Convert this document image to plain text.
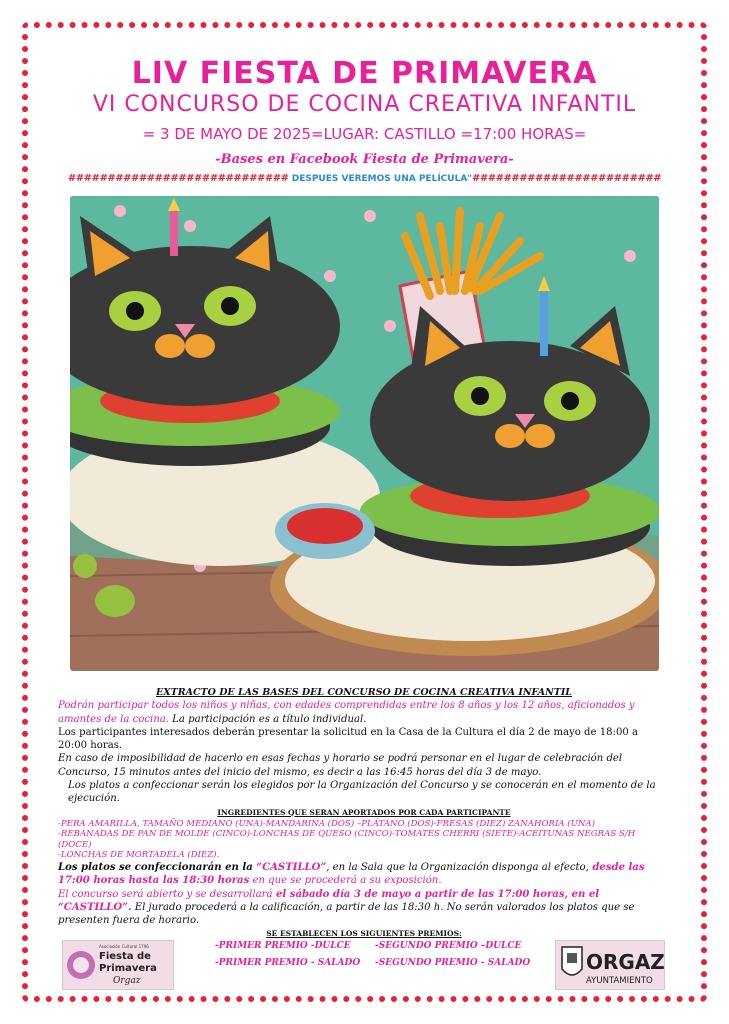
LIV FIESTA DE PRIMAVERA
VI CONCURSO DE COCINA CREATIVA INFANTIL
= 3 DE MAYO DE 2025=LUGAR: CASTILLO =17:00 HORAS=
-Bases en Facebook Fiesta de Primavera-
############################ DESPUES VEREMOS UNA PELÍCULA"########################

EXTRACTO DE LAS BASES DEL CONCURSO DE COCINA CREATIVA INFANTIL

Podrán participar todos los niños y niñas, con edades comprendidas entre los 8 años y los 12 años, aficionados y amantes de la cocina. La participación es a título individual.

Los participantes interesados deberán presentar la solicitud en la Casa de la Cultura el día 2 de mayo de 18:00 a 20:00 horas.

En caso de imposibilidad de hacerlo en esas fechas y horario se podrá personar en el lugar de celebración del Concurso, 15 minutos antes del inicio del mismo, es decir a las 16:45 horas del día 3 de mayo.

Los platos a confeccionar serán los elegidos por la Organización del Concurso y se conocerán en el momento de la ejecución.

INGREDIENTES QUE SERAN APORTADOS POR CADA PARTICIPANTE

-PERA AMARILLA, TAMAÑO MEDIANO (UNA)-MANDARINA (DOS) –PLÁTANO (DOS)-FRESAS (DIEZ) ZANAHORIA (UNA)

-REBANADAS DE PAN DE MOLDE (CINCO)-LONCHAS DE QUESO (CINCO)-TOMATES CHERRI (SIETE)-ACEITUNAS NEGRAS S/H (DOCE)

-LONCHAS DE MORTADELA (DIEZ).

Los platos se confeccionarán en la “CASTILLO”, en la Sala que la Organización disponga al efecto, desde las 17:00 horas hasta las 18:30 horas en que se procederá a su exposición.

El concurso será abierto y se desarrollará el sábado día 3 de mayo a partir de las 17:00 horas, en el “CASTILLO”. El jurado procederá a la calificación, a partir de las 18:30 h. No serán valorados los platos que se presenten fuera de horario.

SE ESTABLECEN LOS SIGUIENTES PREMIOS:

Asociación Cultural 1796
Fiesta de
Primavera
Orgaz
-PRIMER PREMIO -DULCE
-PRIMER PREMIO - SALADO
-SEGUNDO PREMIO –DULCE
-SEGUNDO PREMIO - SALADO	ORGAZ
AYUNTAMIENTO
